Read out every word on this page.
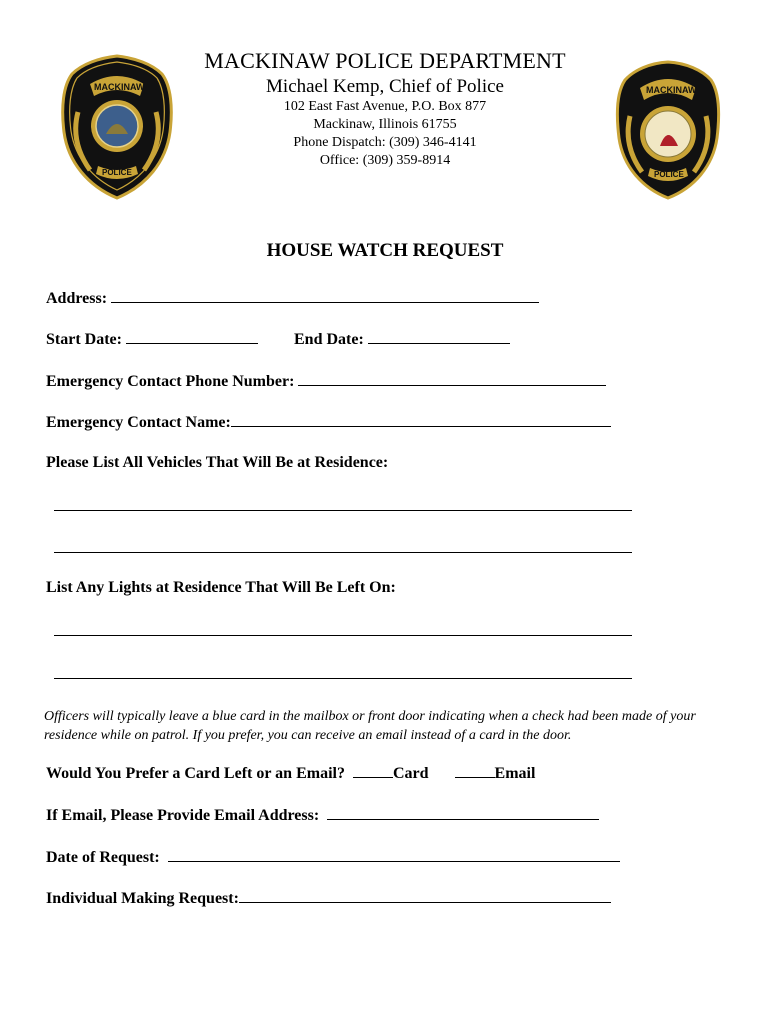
MACKINAW
POLICE
MACKINAW
POLICE
MACKINAW POLICE DEPARTMENT
Michael Kemp, Chief of Police
102 East Fast Avenue, P.O. Box 877
Mackinaw, Illinois 61755
Phone Dispatch: (309) 346-4141
Office: (309) 359-8914
HOUSE WATCH REQUEST
Address:
Start Date:	End Date:
Emergency Contact Phone Number:
Emergency Contact Name:
Please List All Vehicles That Will Be at Residence:
List Any Lights at Residence That Will Be Left On:
Officers will typically leave a blue card in the mailbox or front door indicating when a check had been made of your residence while on patrol. If you prefer, you can receive an email instead of a card in the door.
Would You Prefer a Card Left or an Email?	Card	Email
If Email, Please Provide Email Address:
Date of Request:
Individual Making Request:
